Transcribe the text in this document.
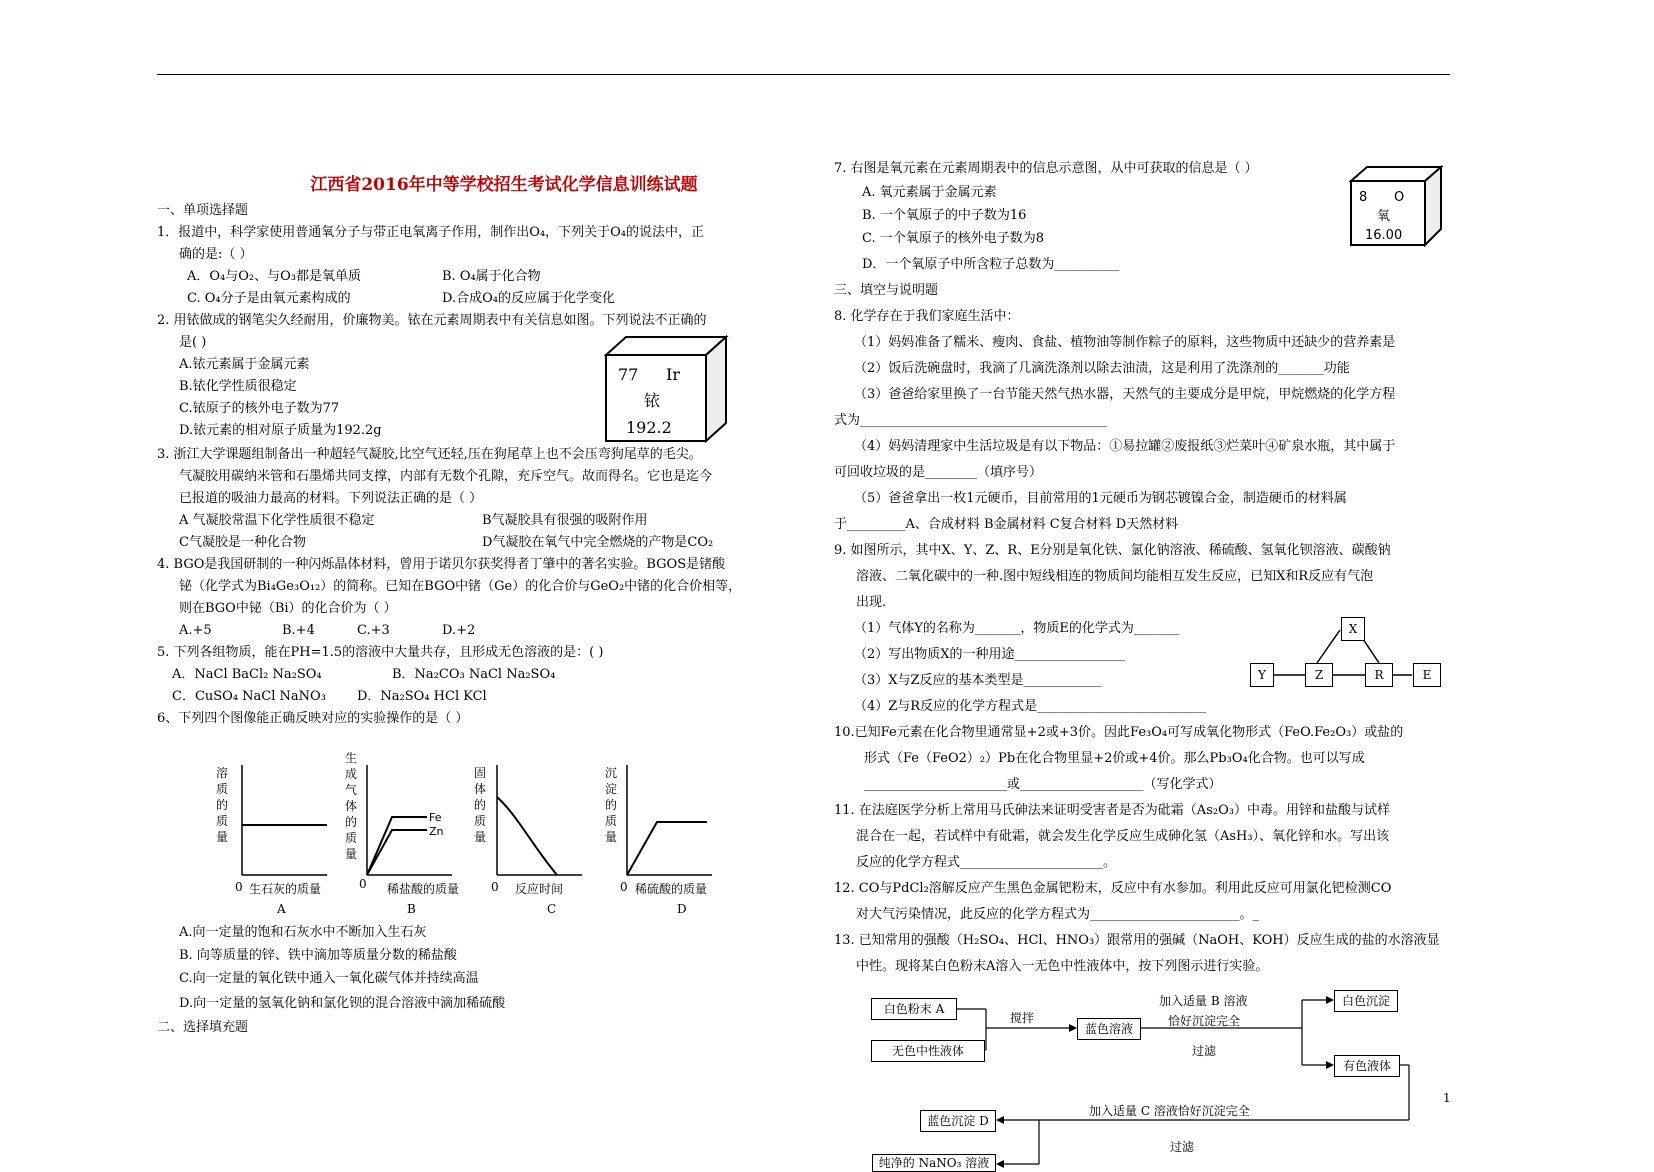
江西省2016年中等学校招生考试化学信息训练试题
一、单项选择题
1．报道中，科学家使用普通氧分子与带正电氧离子作用，制作出O₄，下列关于O₄的说法中，正
确的是:（ ）
A．O₄与O₂、与O₃都是氧单质	B. O₄属于化合物
C. O₄分子是由氧元素构成的	D.合成O₄的反应属于化学变化
2. 用铱做成的钢笔尖久经耐用，价廉物美。铱在元素周期表中有关信息如图。下列说法不正确的
是( )
A.铱元素属于金属元素
B.铱化学性质很稳定
C.铱原子的核外电子数为77
D.铱元素的相对原子质量为192.2g
77 Ir
铱
192.2
3. 浙江大学课题组制备出一种超轻气凝胶,比空气还轻,压在狗尾草上也不会压弯狗尾草的毛尖。
气凝胶用碳纳米管和石墨烯共同支撑，内部有无数个孔隙，充斥空气。故而得名。它也是迄今
已报道的吸油力最高的材料。下列说法正确的是（ ）
A 气凝胶常温下化学性质很不稳定	B气凝胶具有很强的吸附作用
C气凝胶是一种化合物	D气凝胶在氧气中完全燃烧的产物是CO₂
4. BGO是我国研制的一种闪烁晶体材料，曾用于诺贝尔获奖得者丁肇中的著名实验。BGOS是锗酸
铋（化学式为Bi₄Ge₃O₁₂）的简称。已知在BGO中锗（Ge）的化合价与GeO₂中锗的化合价相等，
则在BGO中铋（Bi）的化合价为（ ）
A.+5	B.+4	C.+3	D.+2
5. 下列各组物质，能在PH=1.5的溶液中大量共存，且形成无色溶液的是：( )
A．NaCl BaCl₂ Na₂SO₄	B．Na₂CO₃ NaCl Na₂SO₄
C．CuSO₄ NaCl NaNO₃ D．Na₂SO₄ HCl KCl
6、下列四个图像能正确反映对应的实验操作的是（ ）
Fe
Zn
溶质的质量
0 生石灰的质量
A
生成气体的质量
0 稀盐酸的质量
B
固体的质量
0 反应时间
C
沉淀的质量
0 稀硫酸的质量
D
A.向一定量的饱和石灰水中不断加入生石灰
B. 向等质量的锌、铁中滴加等质量分数的稀盐酸
C.向一定量的氧化铁中通入一氧化碳气体并持续高温
D.向一定量的氢氧化钠和氯化钡的混合溶液中滴加稀硫酸
二、选择填充题
7. 右图是氧元素在元素周期表中的信息示意图，从中可获取的信息是（ ）
A. 氧元素属于金属元素
B. 一个氧原子的中子数为16
C. 一个氧原子的核外电子数为8
D．一个氧原子中所含粒子总数为__________
8 O
氧
16.00
三、填空与说明题
8. 化学存在于我们家庭生活中：
（1）妈妈准备了糯米、瘦肉、食盐、植物油等制作粽子的原料，这些物质中还缺少的营养素是
（2）饭后洗碗盘时，我滴了几滴洗涤剂以除去油渍，这是利用了洗涤剂的_______功能
（3）爸爸给家里换了一台节能天然气热水器，天然气的主要成分是甲烷，甲烷燃烧的化学方程
式为______________________________________
（4）妈妈清理家中生活垃圾是有以下物品：①易拉罐②废报纸③烂菜叶④矿泉水瓶，其中属于
可回收垃圾的是________（填序号）
（5）爸爸拿出一枚1元硬币，目前常用的1元硬币为钢芯镀镍合金，制造硬币的材料属
于_________A、合成材料 B金属材料 C复合材料 D天然材料
9. 如图所示，其中X、Y、Z、R、E分别是氧化铁、氯化钠溶液、稀硫酸、氢氧化钡溶液、碳酸钠
溶液、二氧化碳中的一种.图中短线相连的物质间均能相互发生反应，已知X和R反应有气泡
出现.
（1）气体Y的名称为_______，物质E的化学式为_______
（2）写出物质X的一种用途_________________
（3）X与Z反应的基本类型是____________
（4）Z与R反应的化学方程式是__________________________
X
Y	Z	R	E
10.已知Fe元素在化合物里通常显+2或+3价。因此Fe₃O₄可写成氧化物形式（FeO.Fe₂O₃）或盐的
形式（Fe（FeO2）₂）Pb在化合物里显+2价或+4价。那么Pb₃O₄化合物。也可以写成
______________________或___________________（写化学式）
11. 在法庭医学分析上常用马氏砷法来证明受害者是否为砒霜（As₂O₃）中毒。用锌和盐酸与试样
混合在一起，若试样中有砒霜，就会发生化学反应生成砷化氢（AsH₃）、氧化锌和水。写出该
反应的化学方程式______________________。
12. CO与PdCl₂溶解反应产生黑色金属钯粉末，反应中有水参加。利用此反应可用氯化钯检测CO
对大气污染情况，此反应的化学方程式为_______________________。_
13. 已知常用的强酸（H₂SO₄、HCl、HNO₃）跟常用的强碱（NaOH、KOH）反应生成的盐的水溶液显
中性。现将某白色粉末A溶入一无色中性液体中，按下列图示进行实验。
白色粉末 A
无色中性液体
搅拌
蓝色溶液
加入适量 B 溶液
恰好沉淀完全
过滤
白色沉淀
有色液体
加入适量 C 溶液恰好沉淀完全
过滤
蓝色沉淀 D
纯净的 NaNO₃ 溶液
1
